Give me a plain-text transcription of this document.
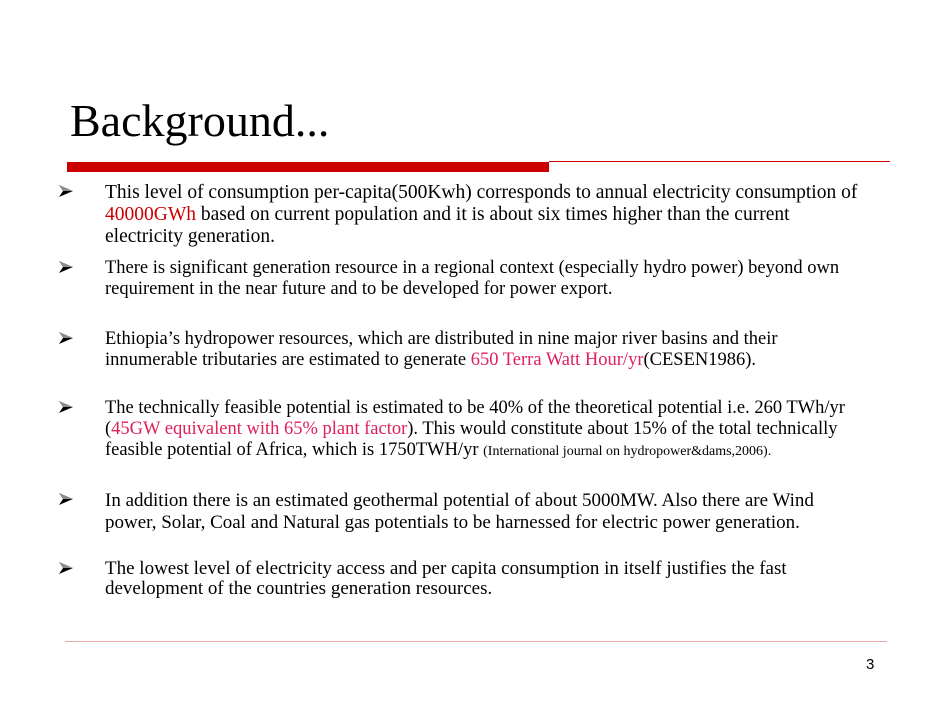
Background...

This level of consumption per-capita(500Kwh) corresponds to annual electricity consumption of 40000GWh based on current population and it is about six times higher than the current electricity generation.

There is significant generation resource in a regional context (especially hydro power) beyond own requirement in the near future and to be developed for power export.

Ethiopia’s hydropower resources, which are distributed in nine major river basins and their innumerable tributaries are estimated to generate 650 Terra Watt Hour/yr(CESEN1986).

The technically feasible potential is estimated to be 40% of the theoretical potential i.e. 260 TWh/yr (45GW equivalent with 65% plant factor). This would constitute about 15% of the total technically feasible potential of Africa, which is 1750TWH/yr (International journal on hydropower&dams,2006).

In addition there is an estimated geothermal potential of about 5000MW. Also there are Wind power, Solar, Coal and Natural gas potentials to be harnessed for electric power generation.

The lowest level of electricity access and per capita consumption in itself justifies the fast development of the countries generation resources.

3
